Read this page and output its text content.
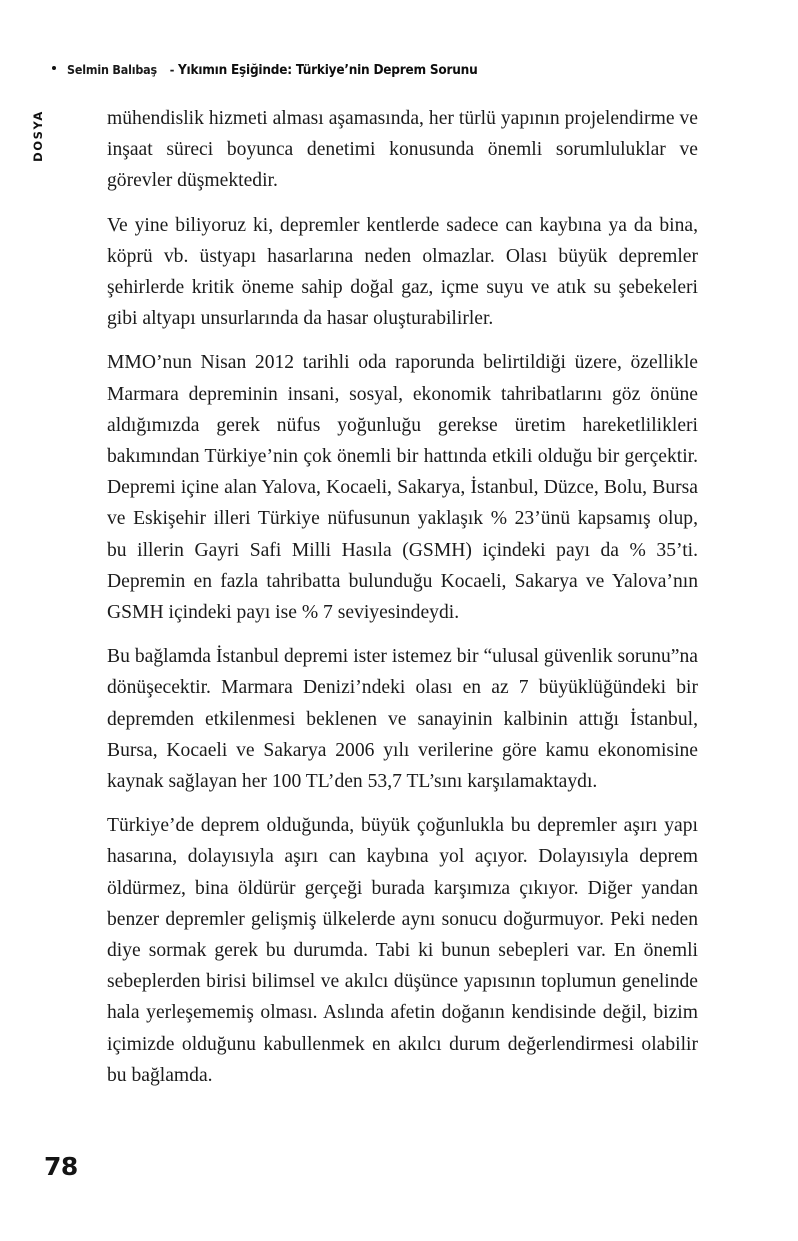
Selmin Balıbaş - Yıkımın Eşiğinde: Türkiye’nin Deprem Sorunu
DOSYA	mühendislik hizmeti alması aşamasında, her türlü yapının projelendirme ve inşaat süreci boyunca denetimi konusunda önemli sorumluluklar ve görevler düşmektedir.

Ve yine biliyoruz ki, depremler kentlerde sadece can kaybına ya da bina, köprü vb. üstyapı hasarlarına neden olmazlar. Olası büyük depremler şehirlerde kritik öneme sahip doğal gaz, içme suyu ve atık su şebekeleri gibi altyapı unsurlarında da hasar oluşturabilirler.

MMO’nun Nisan 2012 tarihli oda raporunda belirtildiği üzere, özellikle Marmara depreminin insani, sosyal, ekonomik tahribatlarını göz önüne aldığımızda gerek nüfus yoğunluğu gerekse üretim hareketlilikleri bakımından Türkiye’nin çok önemli bir hattında etkili olduğu bir gerçektir. Depremi içine alan Yalova, Kocaeli, Sakarya, İstanbul, Düzce, Bolu, Bursa ve Eskişehir illeri Türkiye nüfusunun yaklaşık % 23’ünü kapsamış olup, bu illerin Gayri Safi Milli Hasıla (GSMH) içindeki payı da % 35’ti. Depremin en fazla tahribatta bulunduğu Kocaeli, Sakarya ve Yalova’nın GSMH içindeki payı ise % 7 seviyesindeydi.

Bu bağlamda İstanbul depremi ister istemez bir “ulusal güvenlik sorunu”na dönüşecektir. Marmara Denizi’ndeki olası en az 7 büyüklüğündeki bir depremden etkilenmesi beklenen ve sanayinin kalbinin attığı İstanbul, Bursa, Kocaeli ve Sakarya 2006 yılı verilerine göre kamu ekonomisine kaynak sağlayan her 100 TL’den 53,7 TL’sını karşılamaktaydı.

Türkiye’de deprem olduğunda, büyük çoğunlukla bu depremler aşırı yapı hasarına, dolayısıyla aşırı can kaybına yol açıyor. Dolayısıyla deprem öldürmez, bina öldürür gerçeği burada karşımıza çıkıyor. Diğer yandan benzer depremler gelişmiş ülkelerde aynı sonucu doğurmuyor. Peki neden diye sormak gerek bu durumda. Tabi ki bunun sebepleri var. En önemli sebeplerden birisi bilimsel ve akılcı düşünce yapısının toplumun genelinde hala yerleşememiş olması. Aslında afetin doğanın kendisinde değil, bizim içimizde olduğunu kabullenmek en akılcı durum değerlendirmesi olabilir bu bağlamda.

78
